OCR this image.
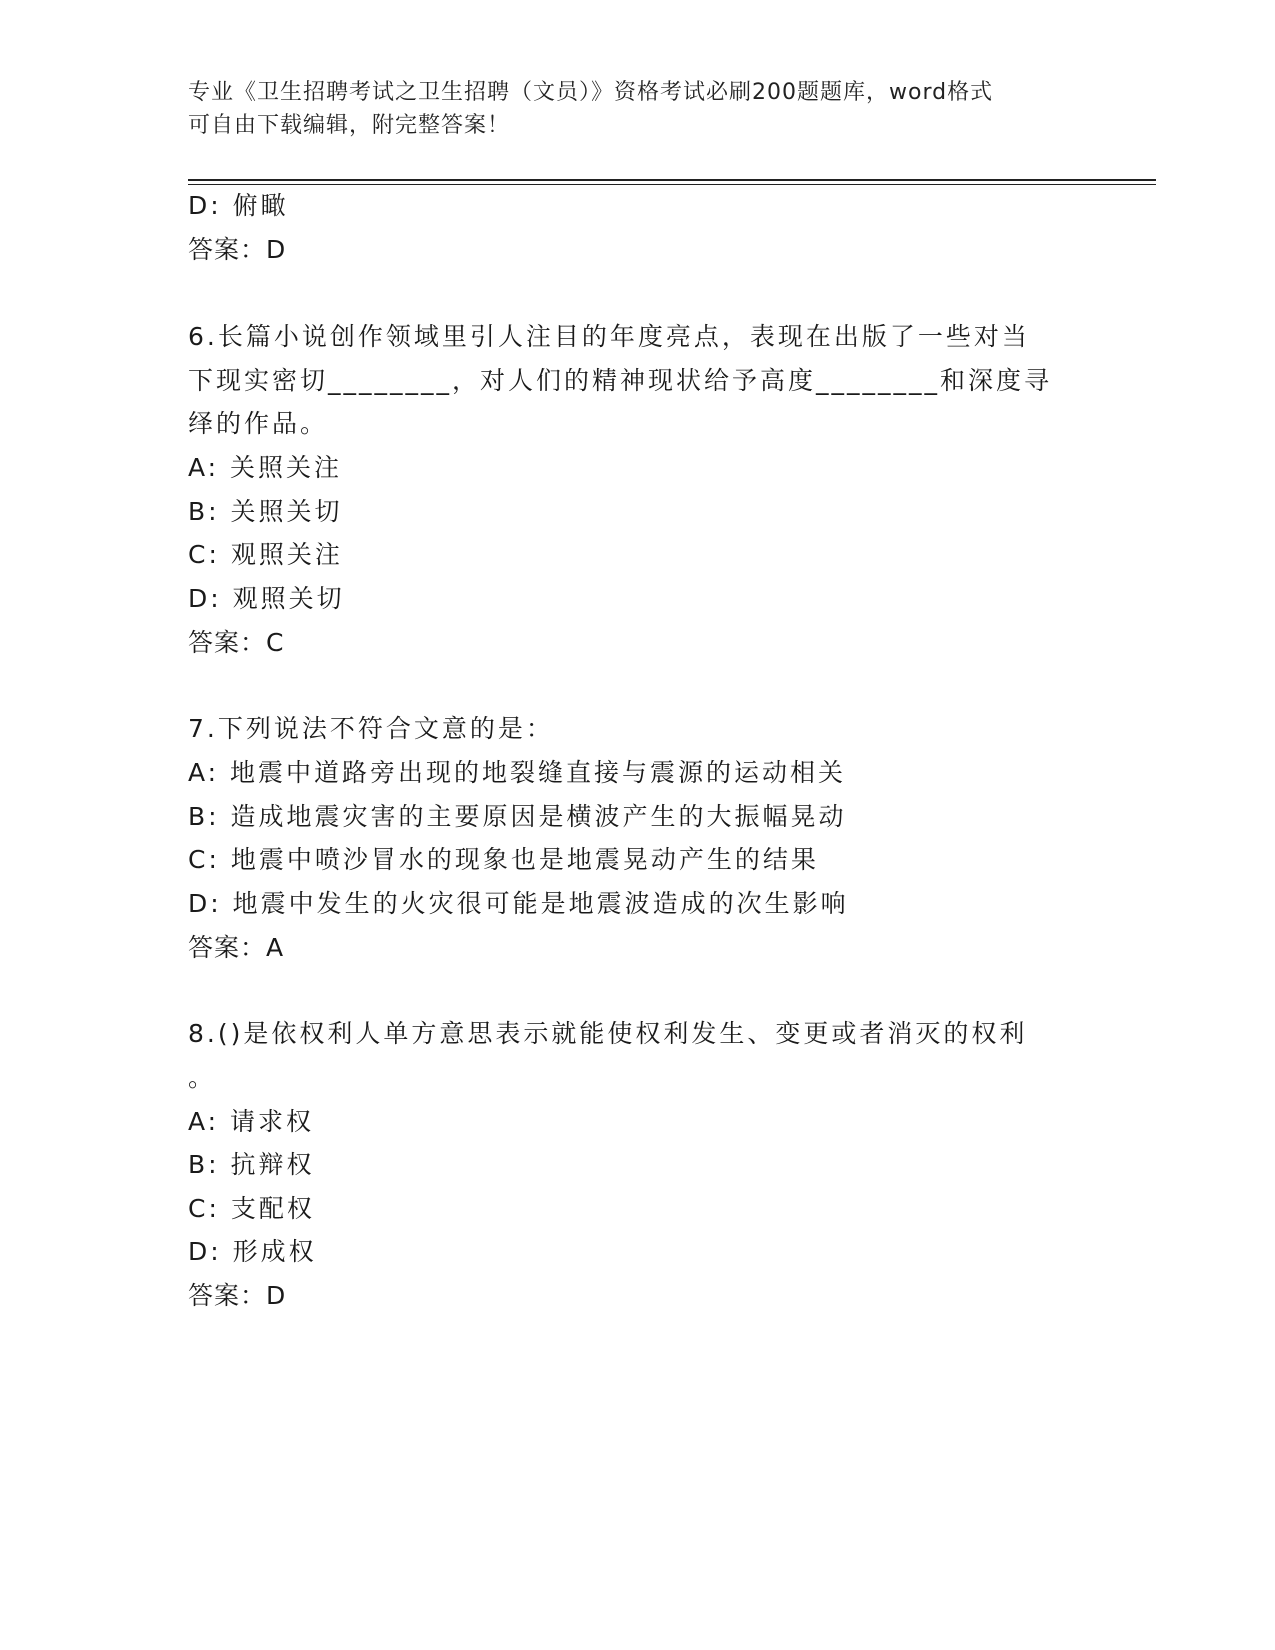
专业《卫生招聘考试之卫生招聘（文员）》资格考试必刷200题题库，word格式
可自由下载编辑，附完整答案！
D: 俯瞰
答案：D
6.长篇小说创作领域里引人注目的年度亮点，表现在出版了一些对当
下现实密切________，对人们的精神现状给予高度________和深度寻
绎的作品。
A: 关照关注
B: 关照关切
C: 观照关注
D: 观照关切
答案：C
7.下列说法不符合文意的是：
A: 地震中道路旁出现的地裂缝直接与震源的运动相关
B: 造成地震灾害的主要原因是横波产生的大振幅晃动
C: 地震中喷沙冒水的现象也是地震晃动产生的结果
D: 地震中发生的火灾很可能是地震波造成的次生影响
答案：A
8.()是依权利人单方意思表示就能使权利发生、变更或者消灭的权利
。
A: 请求权
B: 抗辩权
C: 支配权
D: 形成权
答案：D
